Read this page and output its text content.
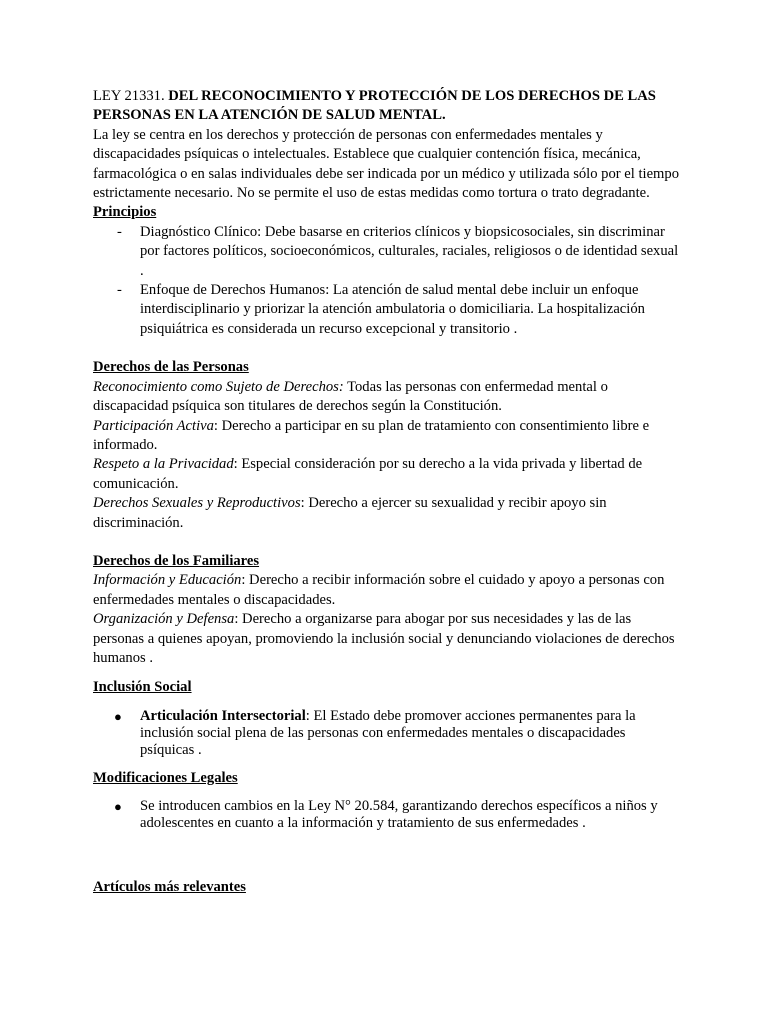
LEY 21331. DEL RECONOCIMIENTO Y PROTECCIÓN DE LOS DERECHOS DE LAS PERSONAS EN LA ATENCIÓN DE SALUD MENTAL.

La ley se centra en los derechos y protección de personas con enfermedades mentales y discapacidades psíquicas o intelectuales. Establece que cualquier contención física, mecánica, farmacológica o en salas individuales debe ser indicada por un médico y utilizada sólo por el tiempo estrictamente necesario. No se permite el uso de estas medidas como tortura o trato degradante.

Principios

- Diagnóstico Clínico: Debe basarse en criterios clínicos y biopsicosociales, sin discriminar por factores políticos, socioeconómicos, culturales, raciales, religiosos o de identidad sexual .
- Enfoque de Derechos Humanos: La atención de salud mental debe incluir un enfoque interdisciplinario y priorizar la atención ambulatoria o domiciliaria. La hospitalización psiquiátrica es considerada un recurso excepcional y transitorio .

Derechos de las Personas

Reconocimiento como Sujeto de Derechos: Todas las personas con enfermedad mental o discapacidad psíquica son titulares de derechos según la Constitución.

Participación Activa: Derecho a participar en su plan de tratamiento con consentimiento libre e informado.

Respeto a la Privacidad: Especial consideración por su derecho a la vida privada y libertad de comunicación.

Derechos Sexuales y Reproductivos: Derecho a ejercer su sexualidad y recibir apoyo sin discriminación.

Derechos de los Familiares

Información y Educación: Derecho a recibir información sobre el cuidado y apoyo a personas con enfermedades mentales o discapacidades.

Organización y Defensa: Derecho a organizarse para abogar por sus necesidades y las de las personas a quienes apoyan, promoviendo la inclusión social y denunciando violaciones de derechos humanos .

Inclusión Social

● Articulación Intersectorial: El Estado debe promover acciones permanentes para la inclusión social plena de las personas con enfermedades mentales o discapacidades psíquicas .

Modificaciones Legales

● Se introducen cambios en la Ley N° 20.584, garantizando derechos específicos a niños y adolescentes en cuanto a la información y tratamiento de sus enfermedades .

Artículos más relevantes
